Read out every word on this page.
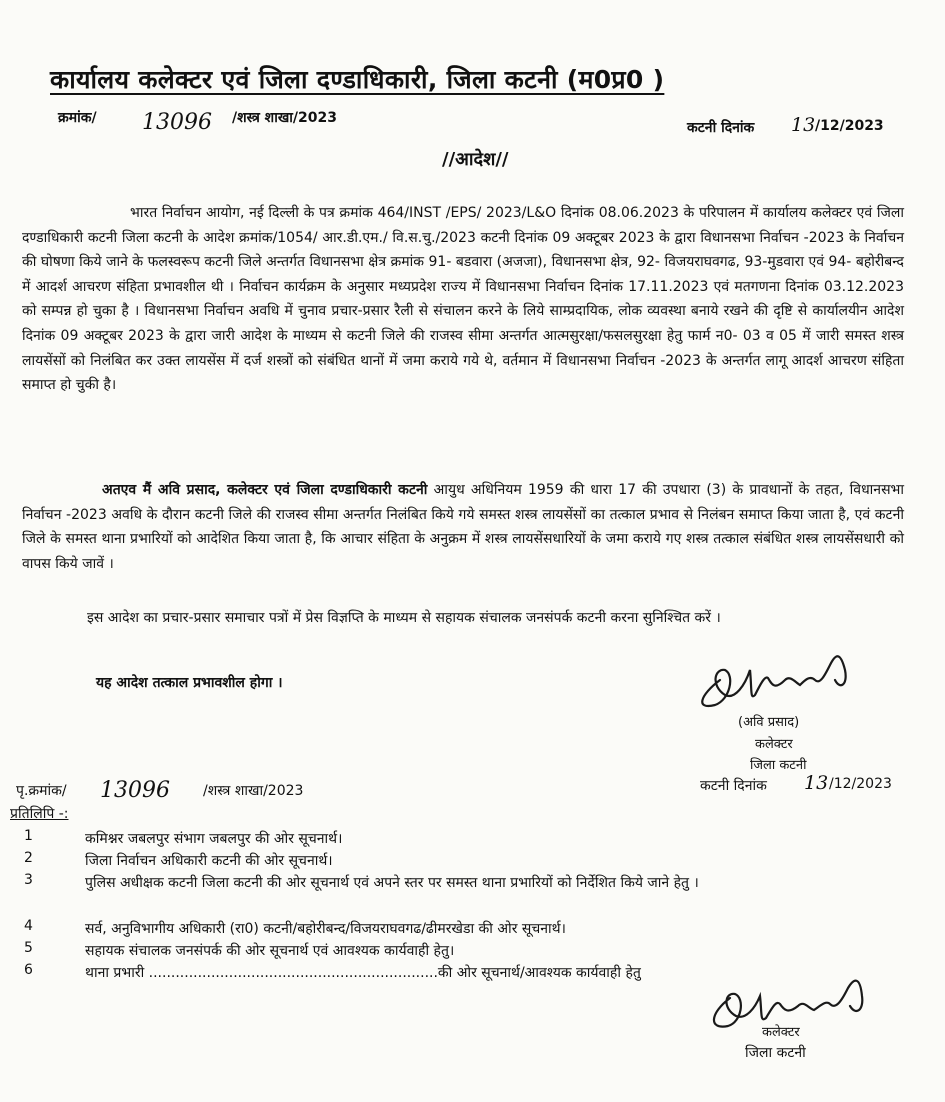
कार्यालय कलेक्टर एवं जिला दण्डाधिकारी, जिला कटनी (म0प्र0 )
क्रमांक/ 13096 /शस्त्र शाखा/2023
कटनी दिनांक 13 /12/2023
//आदेश//
भारत निर्वाचन आयोग, नई दिल्ली के पत्र क्रमांक 464/INST /EPS/ 2023/L&O दिनांक 08.06.2023 के परिपालन में कार्यालय कलेक्टर एवं जिला दण्डाधिकारी कटनी जिला कटनी के आदेश क्रमांक/1054/ आर.डी.एम./ वि.स.चु./2023 कटनी दिनांक 09 अक्टूबर 2023 के द्वारा विधानसभा निर्वाचन -2023 के निर्वाचन की घोषणा किये जाने के फलस्वरूप कटनी जिले अन्तर्गत विधानसभा क्षेत्र क्रमांक 91- बडवारा (अजजा), विधानसभा क्षेत्र, 92- विजयराघवगढ, 93-मुडवारा एवं 94- बहोरीबन्द में आदर्श आचरण संहिता प्रभावशील थी । निर्वाचन कार्यक्रम के अनुसार मध्यप्रदेश राज्य में विधानसभा निर्वाचन दिनांक 17.11.2023 एवं मतगणना दिनांक 03.12.2023 को सम्पन्न हो चुका है । विधानसभा निर्वाचन अवधि में चुनाव प्रचार-प्रसार रैली से संचालन करने के लिये साम्प्रदायिक, लोक व्यवस्था बनाये रखने की दृष्टि से कार्यालयीन आदेश दिनांक 09 अक्टूबर 2023 के द्वारा जारी आदेश के माध्यम से कटनी जिले की राजस्व सीमा अन्तर्गत आत्मसुरक्षा/फसलसुरक्षा हेतु फार्म न0- 03 व 05 में जारी समस्त शस्त्र लायसेंसों को निलंबित कर उक्त लायसेंस में दर्ज शस्त्रों को संबंधित थानों में जमा कराये गये थे, वर्तमान में विधानसभा निर्वाचन -2023 के अन्तर्गत लागू आदर्श आचरण संहिता समाप्त हो चुकी है।
अतएव मैं अवि प्रसाद, कलेक्टर एवं जिला दण्डाधिकारी कटनी आयुध अधिनियम 1959 की धारा 17 की उपधारा (3) के प्रावधानों के तहत, विधानसभा निर्वाचन -2023 अवधि के दौरान कटनी जिले की राजस्व सीमा अन्तर्गत निलंबित किये गये समस्त शस्त्र लायसेंसों का तत्काल प्रभाव से निलंबन समाप्त किया जाता है, एवं कटनी जिले के समस्त थाना प्रभारियों को आदेशित किया जाता है, कि आचार संहिता के अनुक्रम में शस्त्र लायसेंसधारियों के जमा कराये गए शस्त्र तत्काल संबंधित शस्त्र लायसेंसधारी को वापस किये जावें ।
इस आदेश का प्रचार-प्रसार समाचार पत्रों में प्रेस विज्ञप्ति के माध्यम से सहायक संचालक जनसंपर्क कटनी करना सुनिश्चित करें ।
यह आदेश तत्काल प्रभावशील होगा ।
(अवि प्रसाद)
कलेक्टर
जिला कटनी
पृ.क्रमांक/ 13096 /शस्त्र शाखा/2023	कटनी दिनांक 13 /12/2023
प्रतिलिपि -:
1	कमिश्नर जबलपुर संभाग जबलपुर की ओर सूचनार्थ।
2	जिला निर्वाचन अधिकारी कटनी की ओर सूचनार्थ।
3	पुलिस अधीक्षक कटनी जिला कटनी की ओर सूचनार्थ एवं अपने स्तर पर समस्त थाना प्रभारियों को निर्देशित किये जाने हेतु ।
4	सर्व, अनुविभागीय अधिकारी (रा0) कटनी/बहोरीबन्द/विजयराघवगढ/ढीमरखेडा की ओर सूचनार्थ।
5	सहायक संचालक जनसंपर्क की ओर सूचनार्थ एवं आवश्यक कार्यवाही हेतु।
6	थाना प्रभारी .................................................................की ओर सूचनार्थ/आवश्यक कार्यवाही हेतु
कलेक्टर
जिला कटनी
